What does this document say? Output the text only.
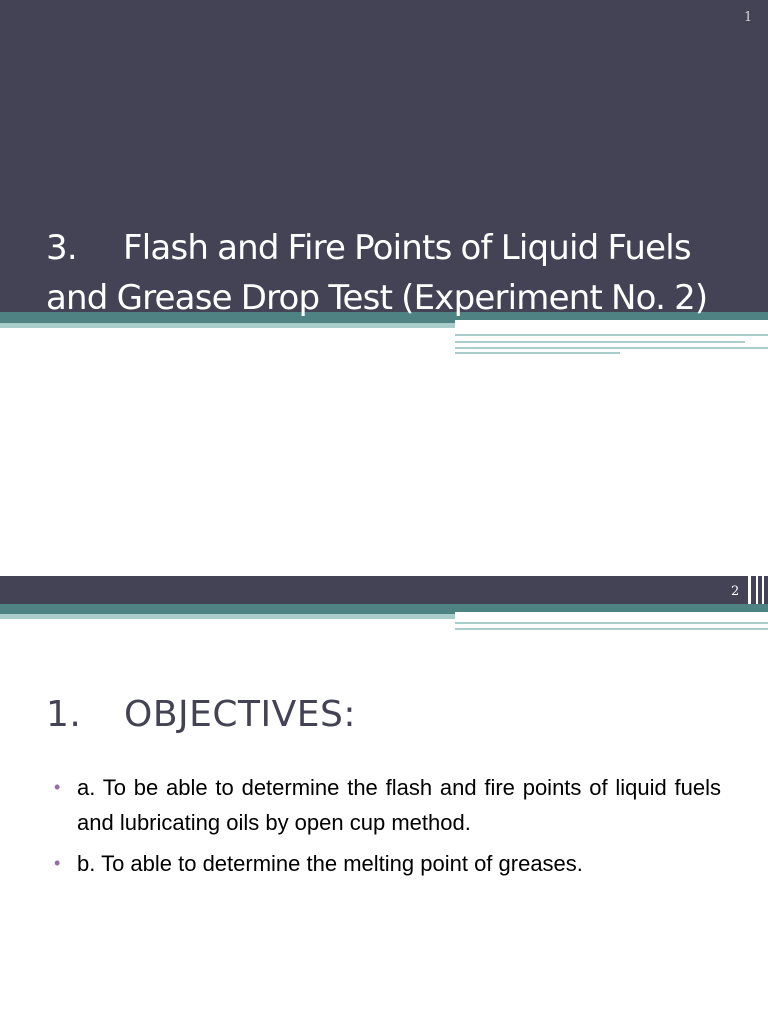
1
3. Flash and Fire Points of Liquid Fuels
and Grease Drop Test (Experiment No. 2)
2
1. OBJECTIVES:
• a. To be able to determine the flash and fire points of liquid fuels and lubricating oils by open cup method.
• b. To able to determine the melting point of greases.
